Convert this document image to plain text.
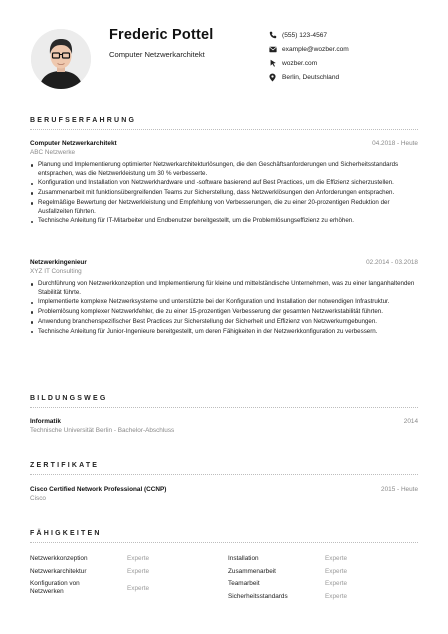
Frederic Pottel
Computer Netzwerkarchitekt
(555) 123-4567
example@wozber.com
wozber.com
Berlin, Deutschland
BERUFSERFAHRUNG
Computer Netzwerkarchitekt	04.2018 - Heute
ABC Netzwerke
Planung und Implementierung optimierter Netzwerkarchitekturlösungen, die den Geschäftsanforderungen und Sicherheitsstandards entsprachen, was die Netzwerkleistung um 30 % verbesserte.
Konfiguration und Installation von Netzwerkhardware und -software basierend auf Best Practices, um die Effizienz sicherzustellen.
Zusammenarbeit mit funktionsübergreifenden Teams zur Sicherstellung, dass Netzwerklösungen den Anforderungen entsprachen.
Regelmäßige Bewertung der Netzwerkleistung und Empfehlung von Verbesserungen, die zu einer 20-prozentigen Reduktion der Ausfallzeiten führten.
Technische Anleitung für IT-Mitarbeiter und Endbenutzer bereitgestellt, um die Problemlösungseffizienz zu erhöhen.
Netzwerkingenieur	02.2014 - 03.2018
XYZ IT Consulting
Durchführung von Netzwerkkonzeption und Implementierung für kleine und mittelständische Unternehmen, was zu einer langanhaltenden Stabilität führte.
Implementierte komplexe Netzwerksysteme und unterstützte bei der Konfiguration und Installation der notwendigen Infrastruktur.
Problemlösung komplexer Netzwerkfehler, die zu einer 15-prozentigen Verbesserung der gesamten Netzwerkstabilität führten.
Anwendung branchenspezifischer Best Practices zur Sicherstellung der Sicherheit und Effizienz von Netzwerkumgebungen.
Technische Anleitung für Junior-Ingenieure bereitgestellt, um deren Fähigkeiten in der Netzwerkkonfiguration zu verbessern.
BILDUNGSWEG
Informatik	2014
Technische Universität Berlin - Bachelor-Abschluss
ZERTIFIKATE
Cisco Certified Network Professional (CCNP)	2015 - Heute
Cisco
FÄHIGKEITEN
Netzwerkkonzeption	Experte
Netzwerkarchitektur	Experte
Konfiguration von Netzwerken	Experte
Installation	Experte
Zusammenarbeit	Experte
Teamarbeit	Experte
Sicherheitsstandards	Experte
